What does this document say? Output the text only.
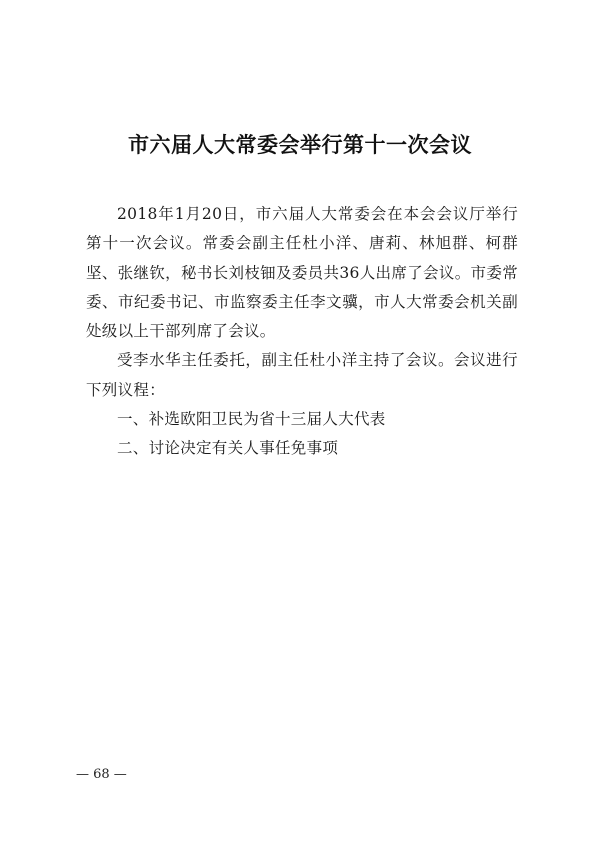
市六届人大常委会举行第十一次会议

2018年1月20日，市六届人大常委会在本会会议厅举行第十一次会议。常委会副主任杜小洋、唐莉、林旭群、柯群坚、张继钦，秘书长刘枝钿及委员共36人出席了会议。市委常委、市纪委书记、市监察委主任李文骥，市人大常委会机关副处级以上干部列席了会议。

受李水华主任委托，副主任杜小洋主持了会议。会议进行下列议程：

一、补选欧阳卫民为省十三届人大代表

二、讨论决定有关人事任免事项

— 68 —
